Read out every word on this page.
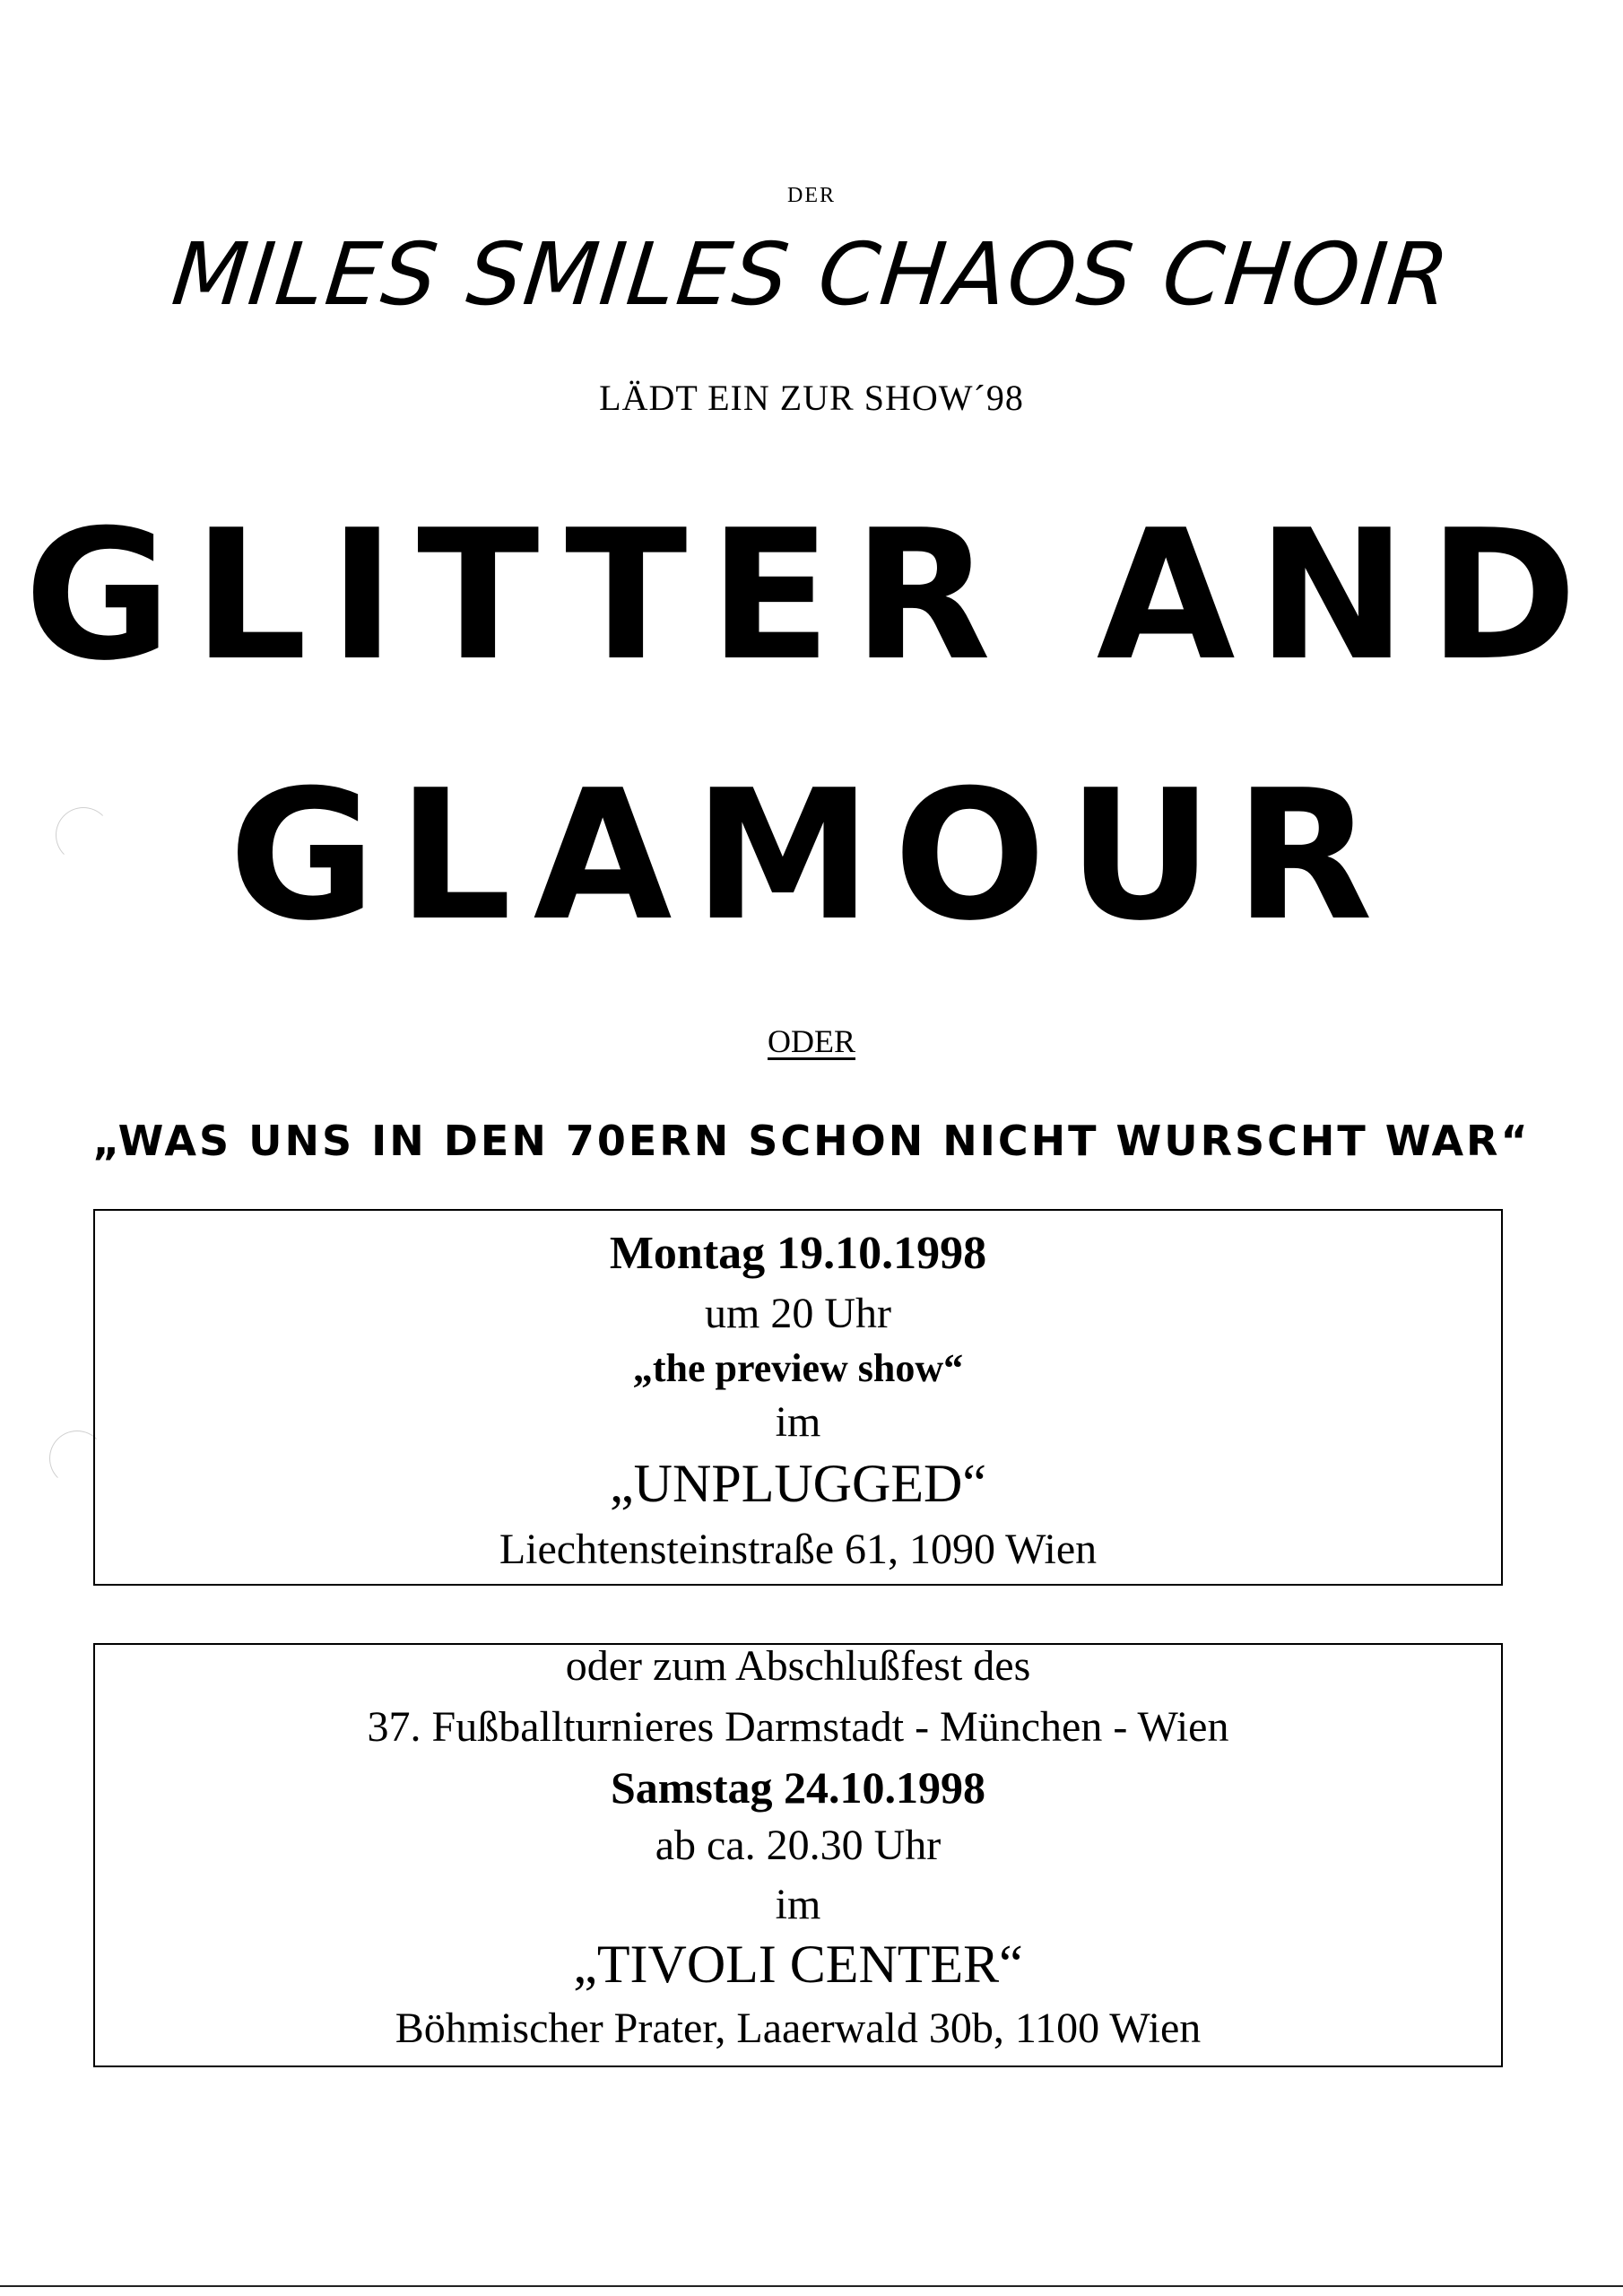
DER
MILES SMILES CHAOS CHOIR
LÄDT EIN ZUR SHOW´98
GLITTER AND
GLAMOUR
ODER
„WAS UNS IN DEN 70ERN SCHON NICHT WURSCHT WAR“
Montag 19.10.1998
um 20 Uhr
„the preview show“
im
„UNPLUGGED“
Liechtensteinstraße 61, 1090 Wien
oder zum Abschlußfest des
37. Fußballturnieres Darmstadt - München - Wien
Samstag 24.10.1998
ab ca. 20.30 Uhr
im
„TIVOLI CENTER“
Böhmischer Prater, Laaerwald 30b, 1100 Wien
